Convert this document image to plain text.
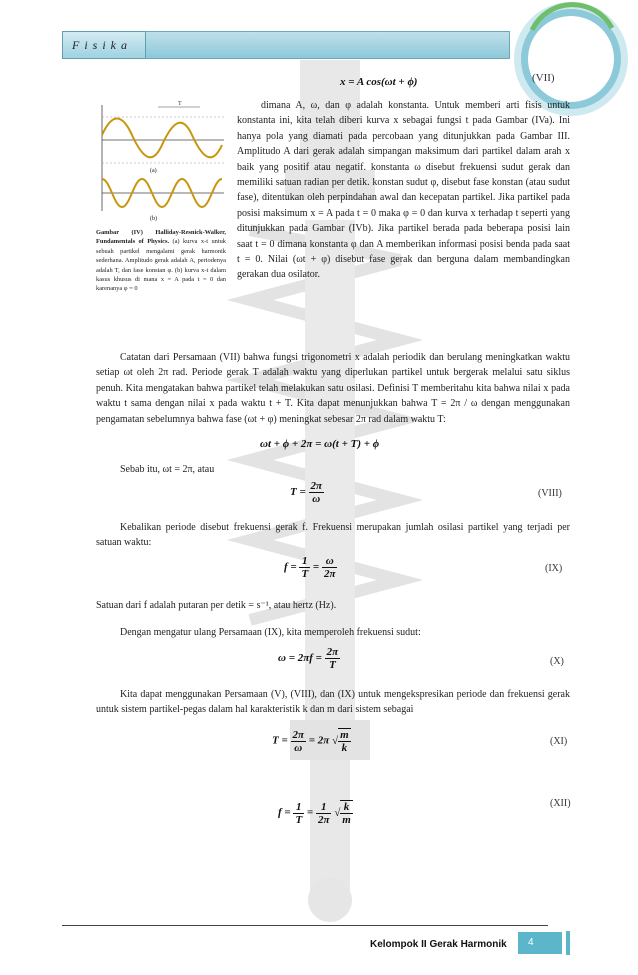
F i s i k a
(VII)
x = A cos(ωt + ϕ)
T
(a)
(b)
Gambar (IV) Halliday-Resnick-Walker, Fundamentals of Physics. (a) kurva x-t untuk sebuah partikel mengalami gerak harmonik sederhana. Amplitudo gerak adalah A, periodenya adalah T, dan fase konstan φ. (b) kurva x-t dalam kasus khusus di mana x = A pada t = 0 dan karenanya φ = 0
dimana A, ω, dan φ adalah konstanta. Untuk memberi arti fisis untuk konstanta ini, kita telah diberi kurva x sebagai fungsi t pada Gambar (IVa). Ini hanya pola yang diamati pada percobaan yang ditunjukkan pada Gambar III. Amplitudo A dari gerak adalah simpangan maksimum dari partikel dalam arah x baik yang positif atau negatif. konstanta ω disebut frekuensi sudut gerak dan memiliki satuan radian per detik. konstan sudut φ, disebut fase konstan (atau sudut fase), ditentukan oleh perpindahan awal dan kecepatan partikel. Jika partikel pada posisi maksimum x = A pada t = 0 maka φ = 0 dan kurva x terhadap t seperti yang ditunjukkan pada Gambar (IVb). Jika partikel berada pada beberapa posisi lain saat t = 0 dimana konstanta φ dan A memberikan informasi posisi benda pada saat t = 0. Nilai (ωt + φ) disebut fase gerak dan berguna dalam membandingkan gerakan dua osilator.
Catatan dari Persamaan (VII) bahwa fungsi trigonometri x adalah periodik dan berulang meningkatkan waktu setiap ωt oleh 2π rad. Periode gerak T adalah waktu yang diperlukan partikel untuk bergerak melalui satu siklus penuh. Kita mengatakan bahwa partikel telah melakukan satu osilasi. Definisi T memberitahu kita bahwa nilai x pada waktu t sama dengan nilai x pada waktu t + T. Kita dapat menunjukkan bahwa T = 2π / ω dengan menggunakan pengamatan sebelumnya bahwa fase (ωt + φ) meningkat sebesar 2π rad dalam waktu T:
ωt + ϕ + 2π = ω(t + T) + ϕ
Sebab itu, ωt = 2π, atau
$T = \frac{2\pi}{\omega}$	(VIII)
Kebalikan periode disebut frekuensi gerak f. Frekuensi merupakan jumlah osilasi partikel yang terjadi per satuan waktu:
$f = \frac{1}{T} = \frac{\omega}{2\pi}$	(IX)
Satuan dari f adalah putaran per detik = s⁻¹, atau hertz (Hz).
Dengan mengatur ulang Persamaan (IX), kita memperoleh frekuensi sudut:
$\omega = 2\pi f = \frac{2\pi}{T}$	(X)
Kita dapat menggunakan Persamaan (V), (VIII), dan (IX) untuk mengekspresikan periode dan frekuensi gerak untuk sistem partikel-pegas dalam hal karakteristik k dan m dari sistem sebagai
$T = \frac{2\pi}{\omega} = 2\pi$ √ $\frac{m}{k}$	(XI)
$f = \frac{1}{T} = \frac{1}{2\pi}$ √ $\frac{k}{m}$	(XII)
Kelompok II Gerak Harmonik	4
